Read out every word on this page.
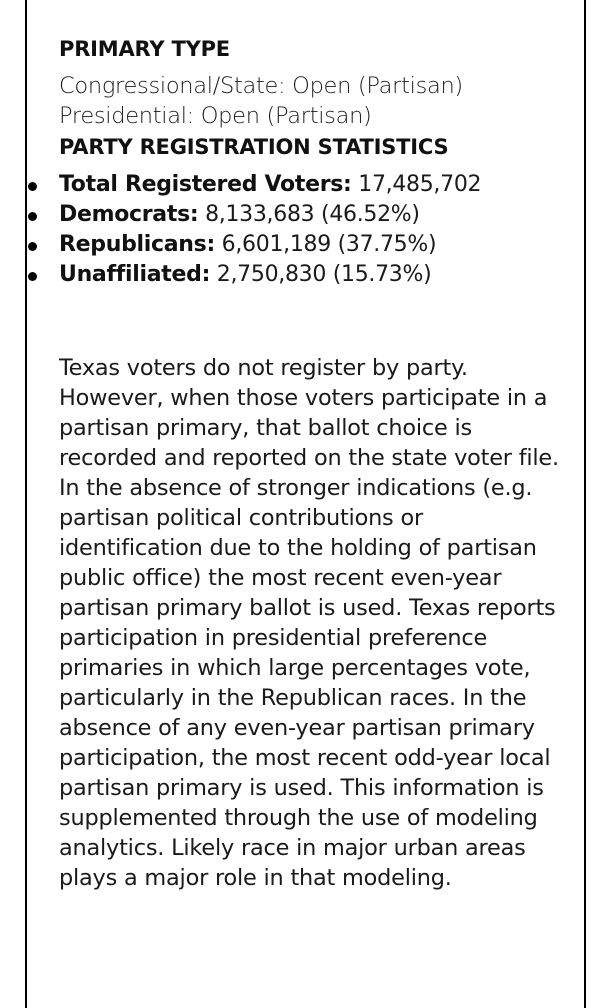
PRIMARY TYPE
Congressional/State: Open (Partisan)
Presidential: Open (Partisan)
PARTY REGISTRATION STATISTICS
Total Registered Voters: 17,485,702
Democrats: 8,133,683 (46.52%)
Republicans: 6,601,189 (37.75%)
Unaffiliated: 2,750,830 (15.73%)

Texas voters do not register by party. However, when those voters participate in a partisan primary, that ballot choice is recorded and reported on the state voter file. In the absence of stronger indications (e.g. partisan political contributions or identification due to the holding of partisan public office) the most recent even-year partisan primary ballot is used. Texas reports participation in presidential preference primaries in which large percentages vote, particularly in the Republican races. In the absence of any even-year partisan primary participation, the most recent odd-year local partisan primary is used. This information is supplemented through the use of modeling analytics. Likely race in major urban areas plays a major role in that modeling.
